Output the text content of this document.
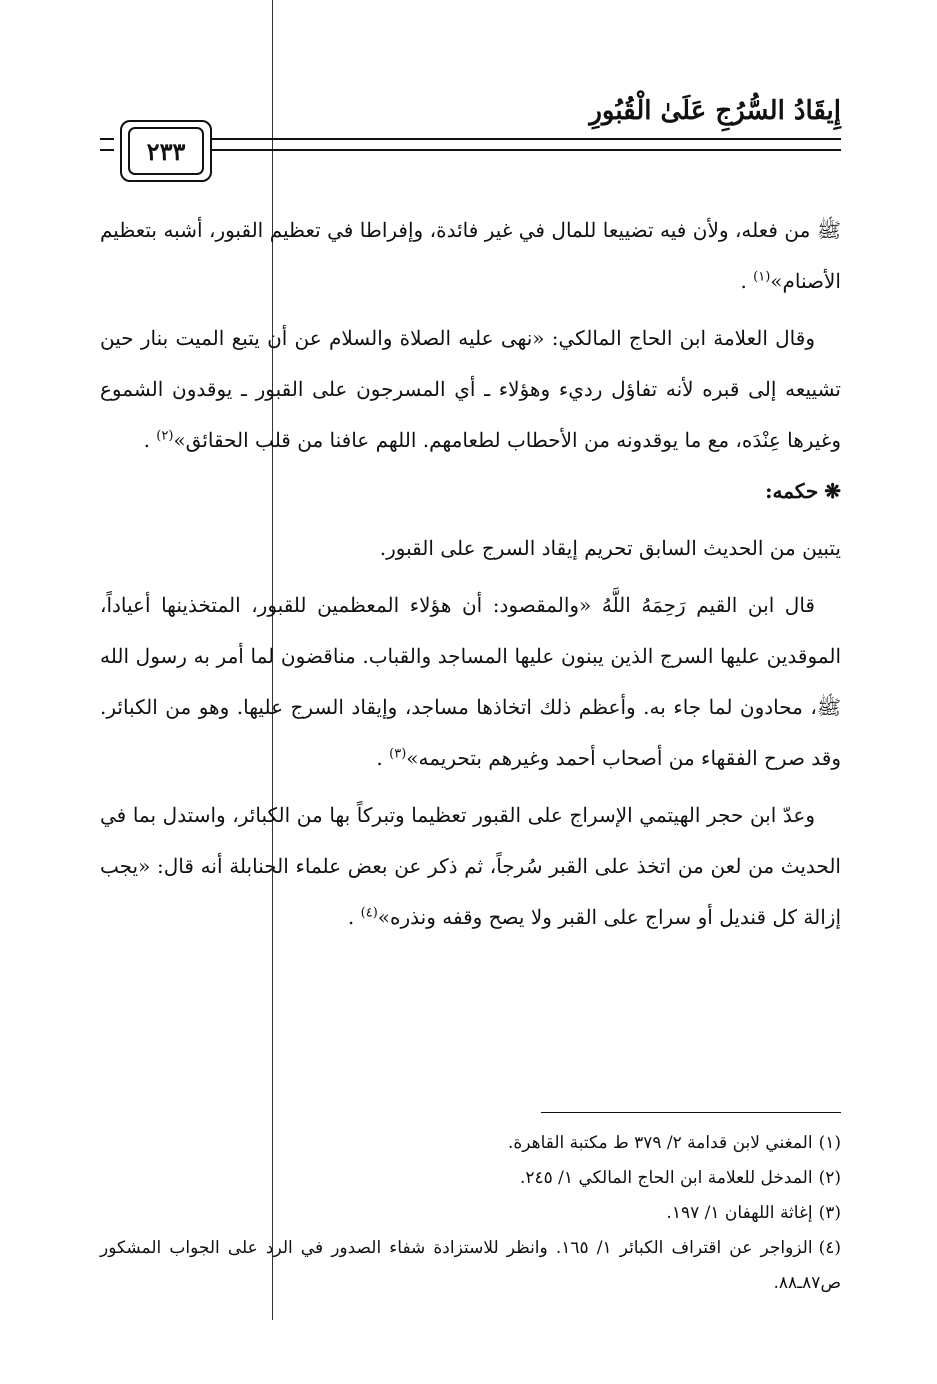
إِيقَادُ السُّرُجِ عَلَىٰ الْقُبُورِ
٢٣٣

ﷺ من فعله، ولأن فيه تضييعا للمال في غير فائدة، وإفراطا في تعظيم القبور، أشبه بتعظيم الأصنام»$^{(١)}$ .

وقال العلامة ابن الحاج المالكي: «نهى عليه الصلاة والسلام عن أن يتبع الميت بنار حين تشييعه إلى قبره لأنه تفاؤل رديء وهؤلاء ـ أي المسرجون على القبور ـ يوقدون الشموع وغيرها عِنْدَه، مع ما يوقدونه من الأحطاب لطعامهم. اللهم عافنا من قلب الحقائق»$^{(٢)}$ .

❋حكمه:

يتبين من الحديث السابق تحريم إيقاد السرج على القبور.

قال ابن القيم رَحِمَهُ اللَّهُ «والمقصود: أن هؤلاء المعظمين للقبور، المتخذينها أعياداً، الموقدين عليها السرج الذين يبنون عليها المساجد والقباب. مناقضون لما أمر به رسول الله ﷺ، محادون لما جاء به. وأعظم ذلك اتخاذها مساجد، وإيقاد السرج عليها. وهو من الكبائر. وقد صرح الفقهاء من أصحاب أحمد وغيرهم بتحريمه»$^{(٣)}$ .

وعدّ ابن حجر الهيتمي الإسراج على القبور تعظيما وتبركاً بها من الكبائر، واستدل بما في الحديث من لعن من اتخذ على القبر سُرجاً، ثم ذكر عن بعض علماء الحنابلة أنه قال: «يجب إزالة كل قنديل أو سراج على القبر ولا يصح وقفه ونذره»$^{(٤)}$ .

(١)المغني لابن قدامة ٢/ ٣٧٩ ط مكتبة القاهرة.

(٢)المدخل للعلامة ابن الحاج المالكي ١/ ٢٤٥.

(٣)إغاثة اللهفان ١/ ١٩٧.

(٤)الزواجر عن اقتراف الكبائر ١/ ١٦٥. وانظر للاستزادة شفاء الصدور في الرد على الجواب المشكور ص٨٧ـ٨٨.
